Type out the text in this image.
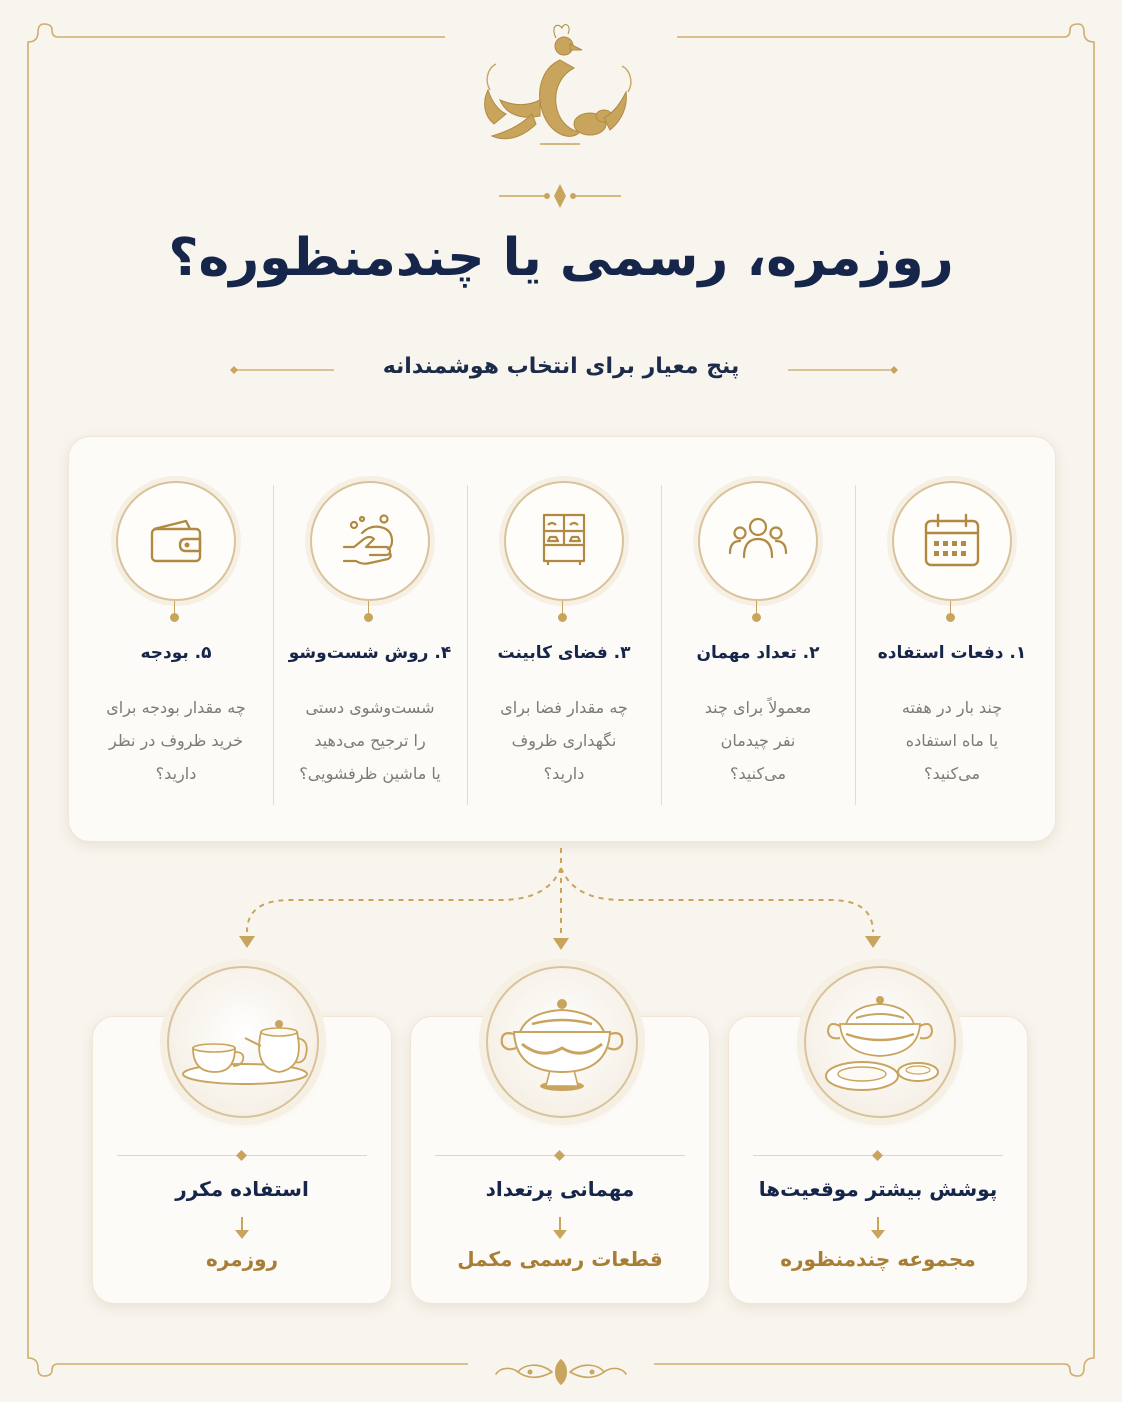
روزمره، رسمی یا چندمنظوره؟
پنج معیار برای انتخاب هوشمندانه
۵. بودجه
چه مقدار بودجه برای
خرید ظروف در نظر
دارید؟
۴. روش شست‌وشو
شست‌وشوی دستی
را ترجیح می‌دهید
یا ماشین ظرفشویی؟
۳. فضای کابینت
چه مقدار فضا برای
نگهداری ظروف
دارید؟
۲. تعداد مهمان
معمولاً برای چند
نفر چیدمان
می‌کنید؟
۱. دفعات استفاده
چند بار در هفته
یا ماه استفاده
می‌کنید؟
استفاده مکرر
روزمره
مهمانی پرتعداد
قطعات رسمی مکمل
پوشش بیشتر موقعیت‌ها
مجموعه چندمنظوره
